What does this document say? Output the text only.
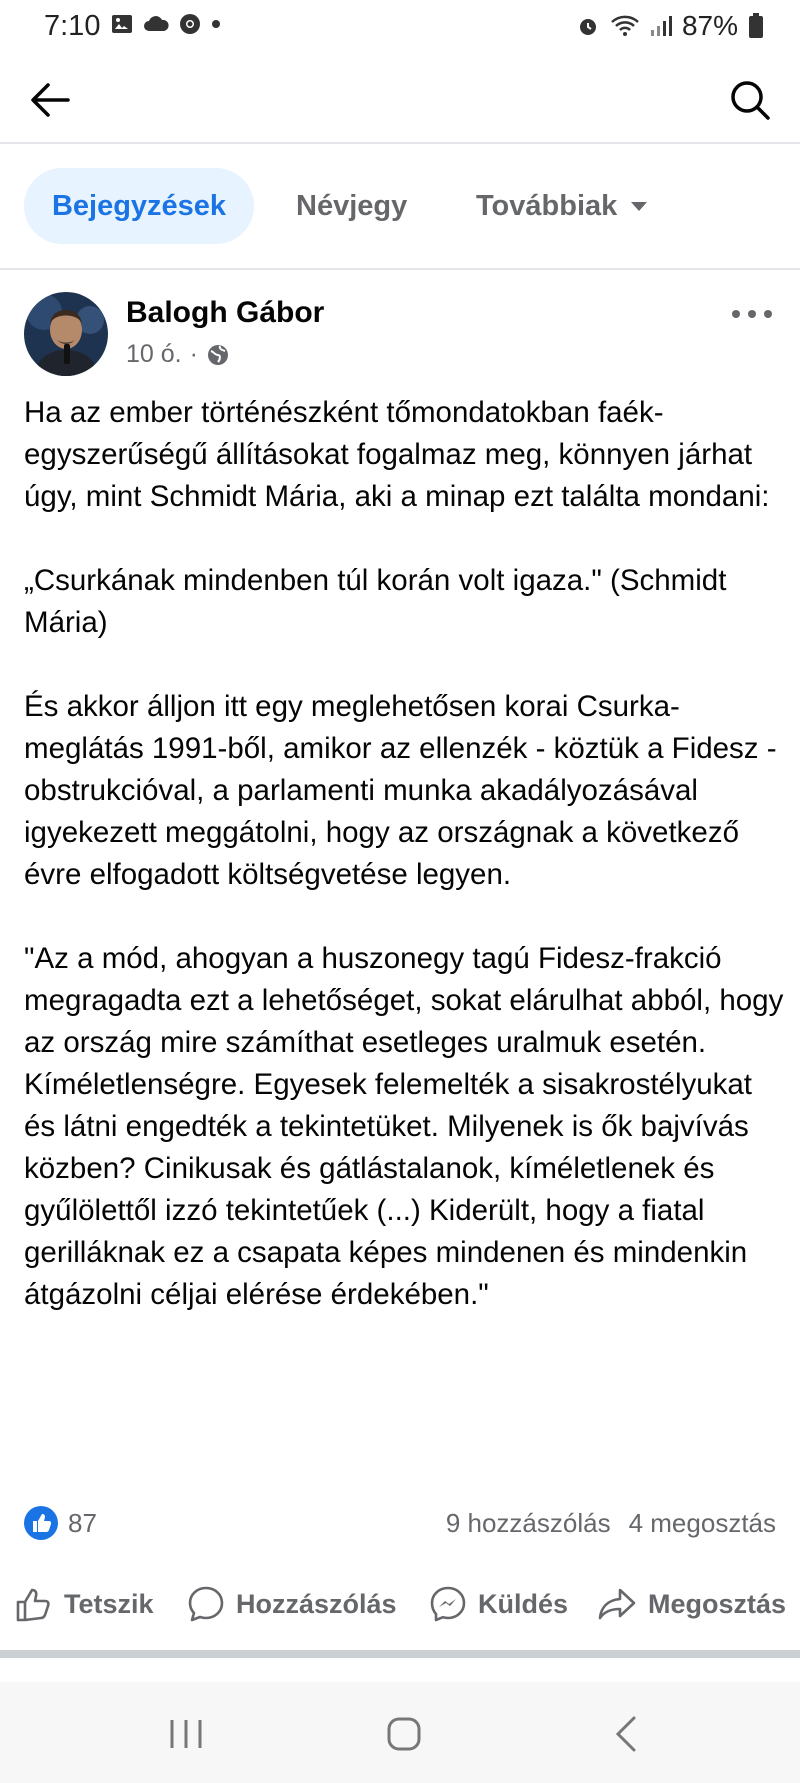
7:10	87%
Bejegyzések	Névjegy Továbbiak
Balogh Gábor
10 ó. ·

Ha az ember történészként tőmondatokban faék-egyszerűségű állításokat fogalmaz meg, könnyen járhat úgy, mint Schmidt Mária, aki a minap ezt találta mondani:

„Csurkának mindenben túl korán volt igaza." (Schmidt Mária)

És akkor álljon itt egy meglehetősen korai Csurka-meglátás 1991-ből, amikor az ellenzék - köztük a Fidesz - obstrukcióval, a parlamenti munka akadályozásával igyekezett meggátolni, hogy az országnak a következő évre elfogadott költségvetése legyen.

"Az a mód, ahogyan a huszonegy tagú Fidesz-frakció megragadta ezt a lehetőséget, sokat elárulhat abból, hogy az ország mire számíthat esetleges uralmuk esetén. Kíméletlenségre. Egyesek felemelték a sisakrostélyukat és látni engedték a tekintetüket. Milyenek is ők bajvívás közben? Cinikusak és gátlástalanok, kíméletlenek és gyűlölettől izzó tekintetűek (...) Kiderült, hogy a fiatal gerilláknak ez a csapata képes mindenen és mindenkin átgázolni céljai elérése érdekében."

87	9 hozzászólás 4 megosztás
Tetszik	Hozzászólás	Küldés	Megosztás
